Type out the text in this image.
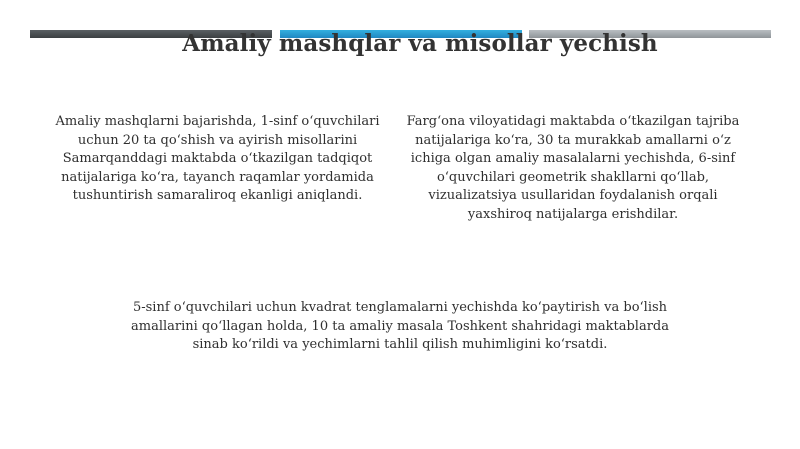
Amaliy mashqlar va misollar yechish
Amaliy mashqlarni bajarishda, 1-sinf o‘quvchilari uchun 20 ta qo‘shish va ayirish misollarini Samarqanddagi maktabda o‘tkazilgan tadqiqot natijalariga ko‘ra, tayanch raqamlar yordamida tushuntirish samaraliroq ekanligi aniqlandi.
Farg‘ona viloyatidagi maktabda o‘tkazilgan tajriba natijalariga ko‘ra, 30 ta murakkab amallarni o‘z ichiga olgan amaliy masalalarni yechishda, 6-sinf o‘quvchilari geometrik shakllarni qo‘llab, vizualizatsiya usullaridan foydalanish orqali yaxshiroq natijalarga erishdilar.
5-sinf o‘quvchilari uchun kvadrat tenglamalarni yechishda ko‘paytirish va bo‘lish amallarini qo‘llagan holda, 10 ta amaliy masala Toshkent shahridagi maktablarda sinab ko‘rildi va yechimlarni tahlil qilish muhimligini ko‘rsatdi.
